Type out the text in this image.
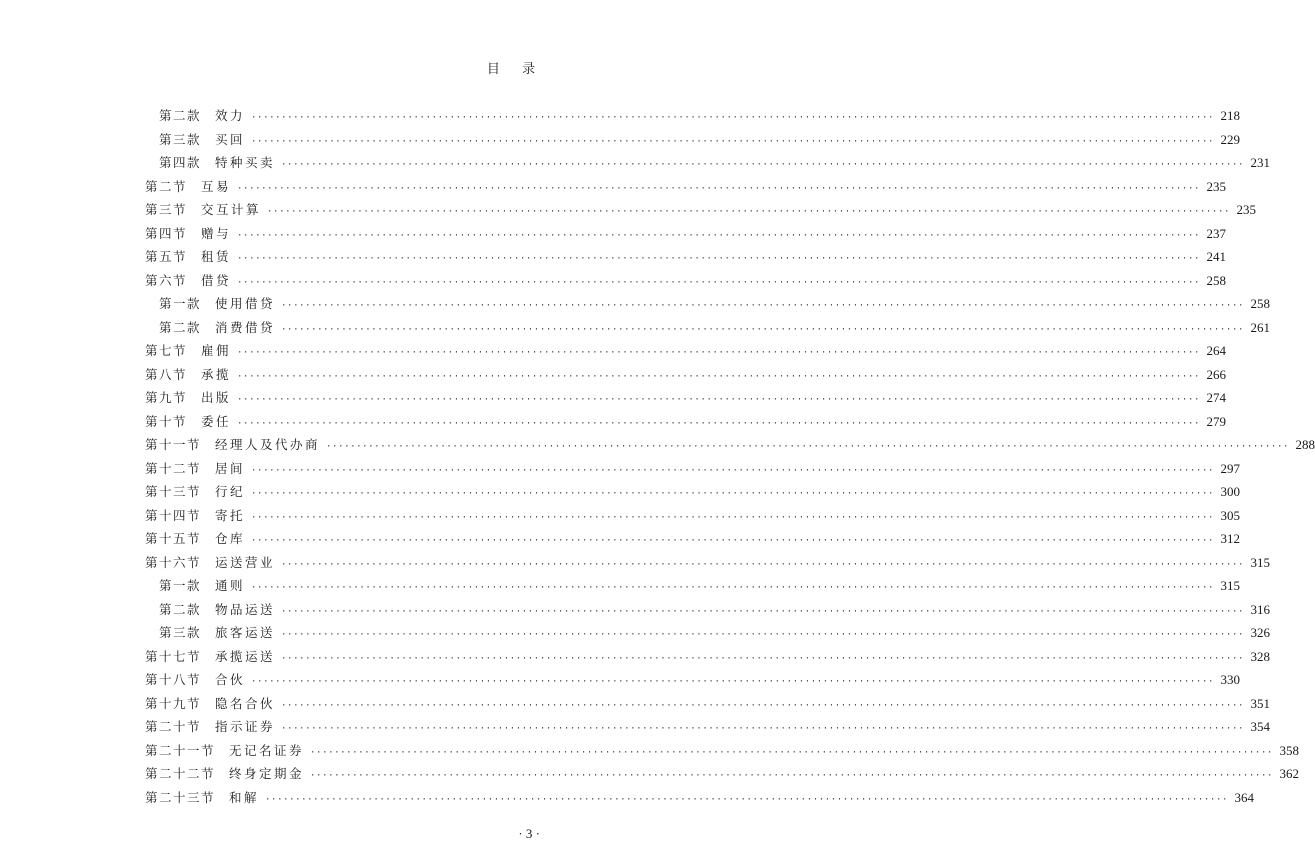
目 录
第二款 效力 ································································································································································ 218
第三款 买回 ································································································································································ 229
第四款 特种买卖 ································································································································································ 231
第二节 互易 ································································································································································ 235
第三节 交互计算 ································································································································································ 235
第四节 赠与 ································································································································································ 237
第五节 租赁 ································································································································································ 241
第六节 借贷 ································································································································································ 258
第一款 使用借贷 ································································································································································ 258
第二款 消费借贷 ································································································································································ 261
第七节 雇佣 ································································································································································ 264
第八节 承揽 ································································································································································ 266
第九节 出版 ································································································································································ 274
第十节 委任 ································································································································································ 279
第十一节 经理人及代办商 ································································································································································ 288
第十二节 居间 ································································································································································ 297
第十三节 行纪 ································································································································································ 300
第十四节 寄托 ································································································································································ 305
第十五节 仓库 ································································································································································ 312
第十六节 运送营业 ································································································································································ 315
第一款 通则 ································································································································································ 315
第二款 物品运送 ································································································································································ 316
第三款 旅客运送 ································································································································································ 326
第十七节 承揽运送 ································································································································································ 328
第十八节 合伙 ································································································································································ 330
第十九节 隐名合伙 ································································································································································ 351
第二十节 指示证券 ································································································································································ 354
第二十一节 无记名证券 ································································································································································ 358
第二十二节 终身定期金 ································································································································································ 362
第二十三节 和解 ································································································································································ 364
· 3 ·
